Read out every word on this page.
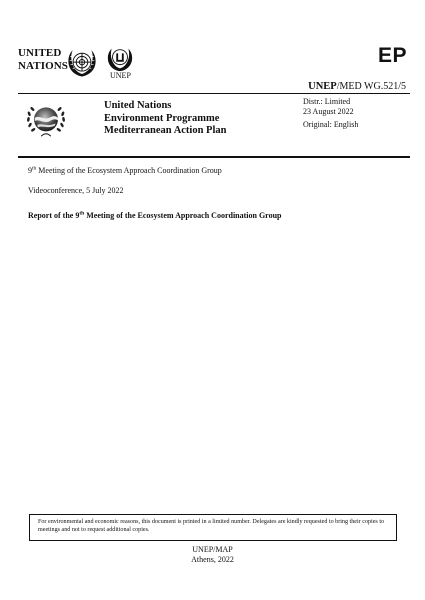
UNITED
NATIONS
UNEP
EP
UNEP/MED WG.521/5
United Nations
Environment Programme
Mediterranean Action Plan
Distr.: Limited
23 August 2022
Original: English
9th Meeting of the Ecosystem Approach Coordination Group
Videoconference, 5 July 2022
Report of the 9th Meeting of the Ecosystem Approach Coordination Group
For environmental and economic reasons, this document is printed in a limited number. Delegates are kindly requested to bring their copies to meetings and not to request additional copies.
UNEP/MAP
Athens, 2022
